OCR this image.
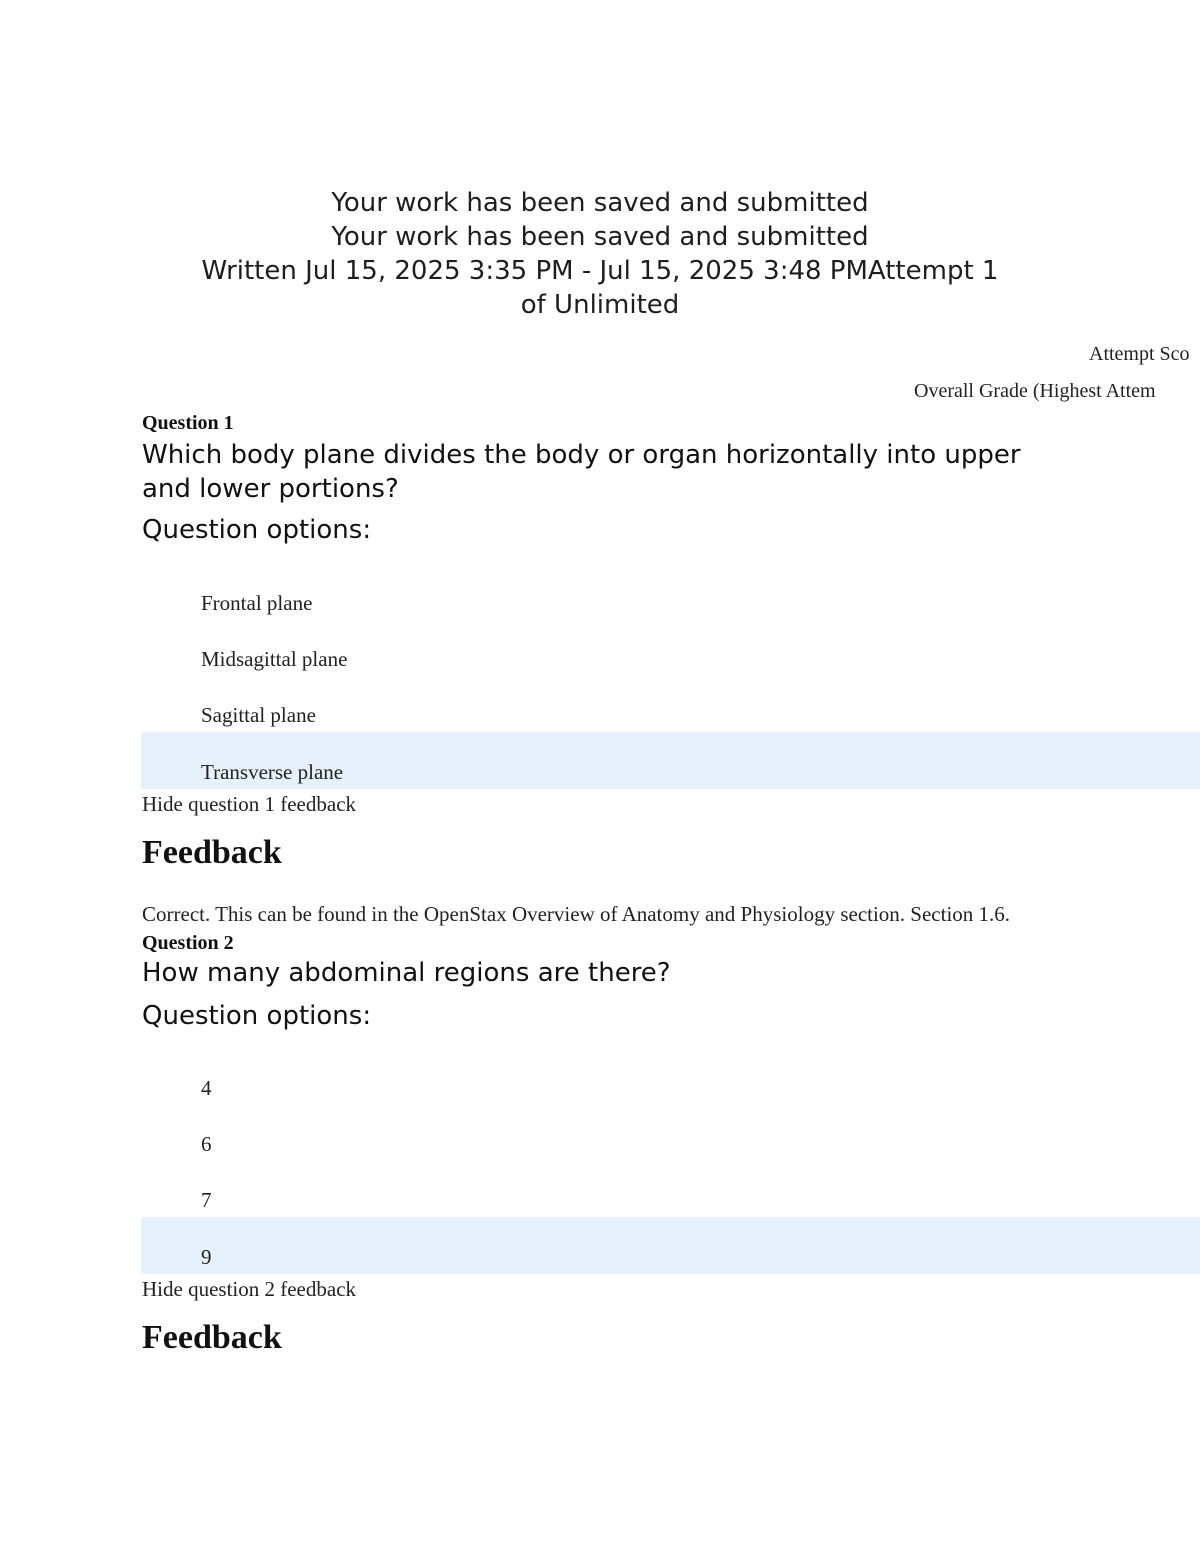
Your work has been saved and submitted
Your work has been saved and submitted
Written Jul 15, 2025 3:35 PM - Jul 15, 2025 3:48 PMAttempt 1
of Unlimited
Attempt Sco
Overall Grade (Highest Attem
Question 1
Which body plane divides the body or organ horizontally into upper and lower portions?
Question options:
Frontal plane
Midsagittal plane
Sagittal plane
Transverse plane
Hide question 1 feedback
Feedback
Correct. This can be found in the OpenStax Overview of Anatomy and Physiology section. Section 1.6.
Question 2
How many abdominal regions are there?
Question options:
4
6
7
9
Hide question 2 feedback
Feedback
